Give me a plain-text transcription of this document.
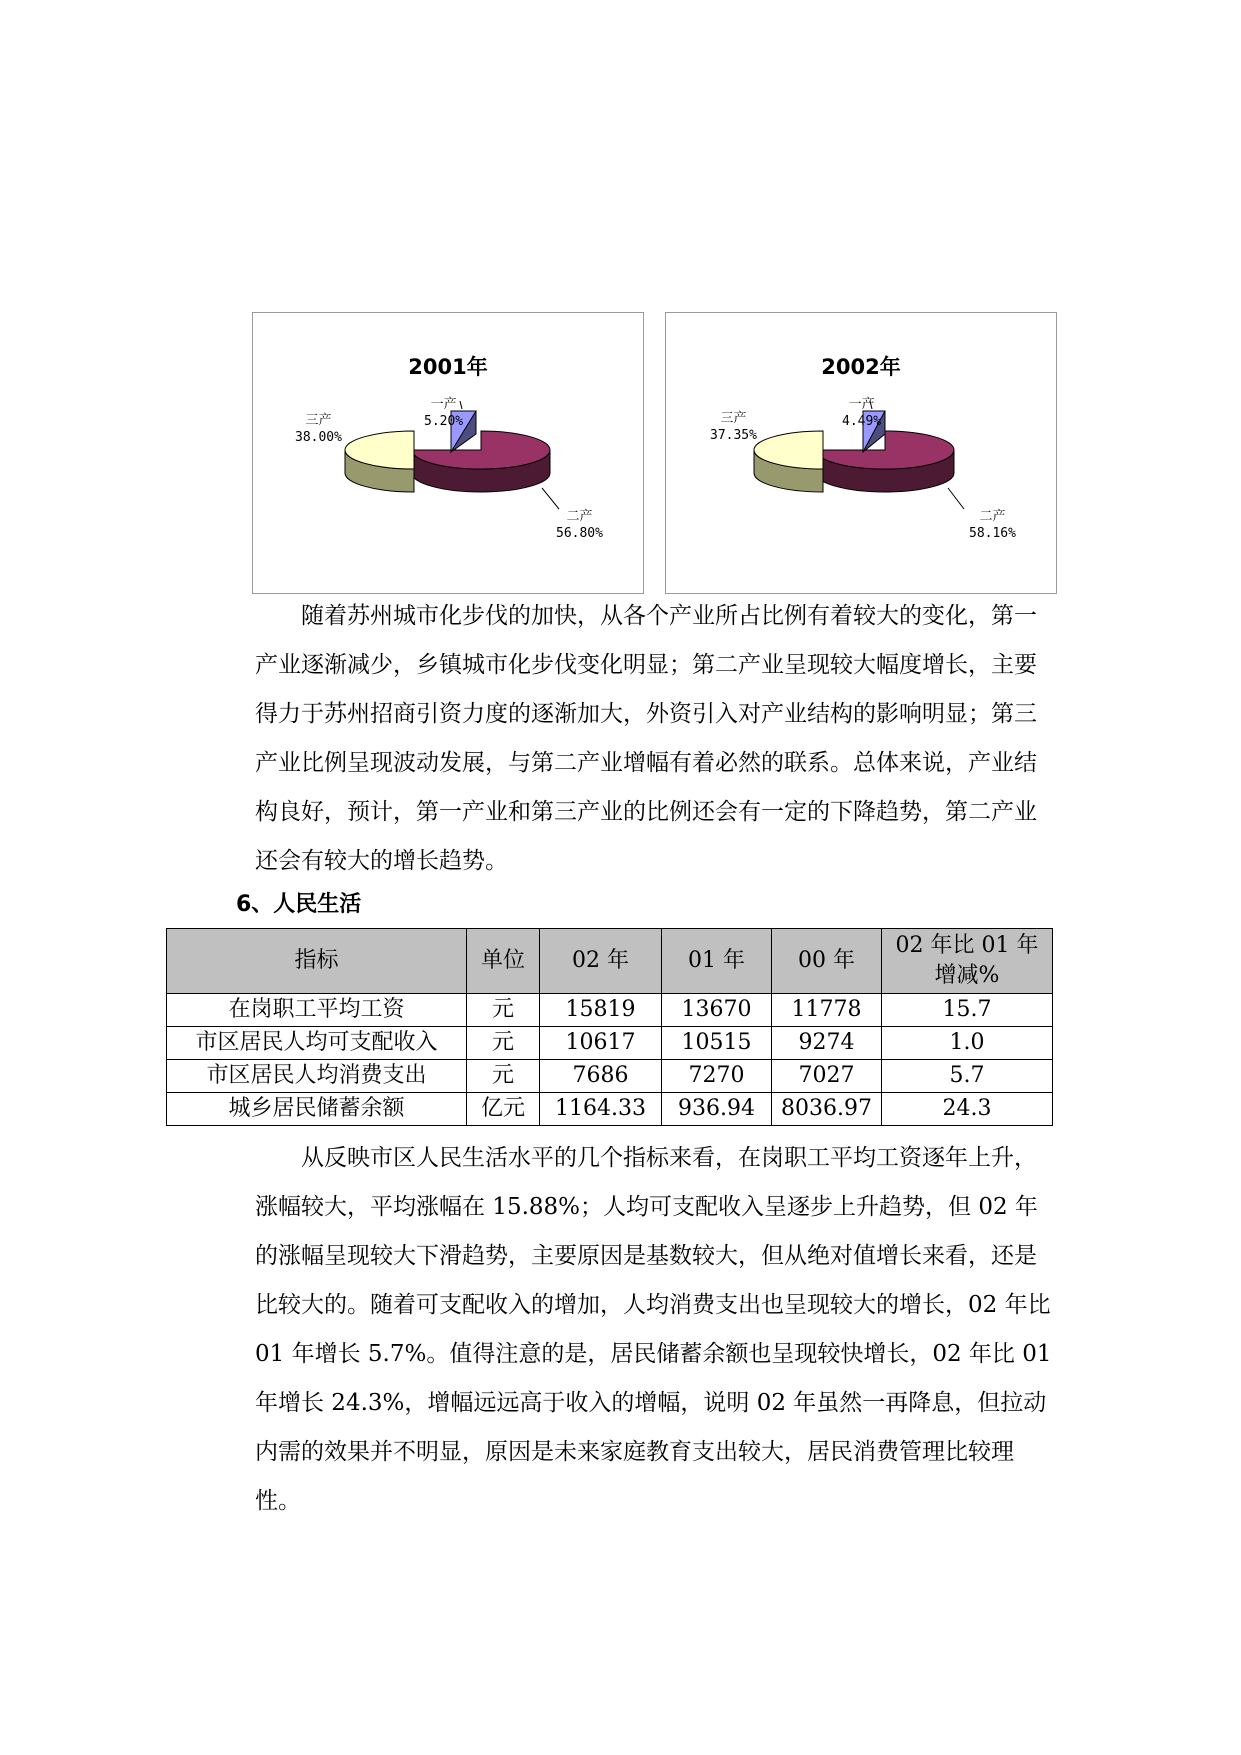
2001年
三产
38.00%
一产
5.20%
二产
56.80%
2002年
三产
37.35%
一产
4.49%
二产
58.16%

随着苏州城市化步伐的加快，从各个产业所占比例有着较大的变化，第一产业逐渐减少，乡镇城市化步伐变化明显；第二产业呈现较大幅度增长，主要得力于苏州招商引资力度的逐渐加大，外资引入对产业结构的影响明显；第三产业比例呈现波动发展，与第二产业增幅有着必然的联系。总体来说，产业结构良好，预计，第一产业和第三产业的比例还会有一定的下降趋势，第二产业还会有较大的增长趋势。

6、人民生活
指标	单位	02 年	01 年	00 年	02 年比 01 年
增减%

在岗职工平均工资	元	15819	13670	11778	15.7
市区居民人均可支配收入	元	10617	10515	9274	1.0
市区居民人均消费支出	元	7686	7270	7027	5.7
城乡居民储蓄余额	亿元	1164.33	936.94	8036.97	24.3

从反映市区人民生活水平的几个指标来看，在岗职工平均工资逐年上升，涨幅较大，平均涨幅在 15.88%；人均可支配收入呈逐步上升趋势，但 02 年的涨幅呈现较大下滑趋势，主要原因是基数较大，但从绝对值增长来看，还是比较大的。随着可支配收入的增加，人均消费支出也呈现较大的增长，02 年比 01 年增长 5.7%。值得注意的是，居民储蓄余额也呈现较快增长，02 年比 01 年增长 24.3%，增幅远远高于收入的增幅，说明 02 年虽然一再降息，但拉动内需的效果并不明显，原因是未来家庭教育支出较大，居民消费管理比较理性。
